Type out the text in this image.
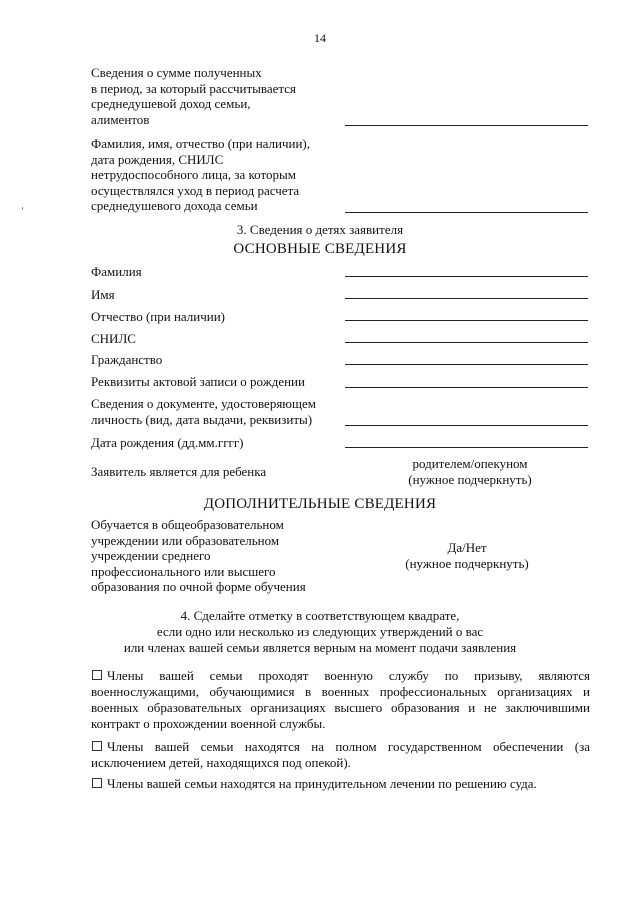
14
Сведения о сумме полученных
в период, за который рассчитывается
среднедушевой доход семьи,
алиментов
Фамилия, имя, отчество (при наличии),
дата рождения, СНИЛС
нетрудоспособного лица, за которым
осуществлялся уход в период расчета
среднедушевого дохода семьи
3. Сведения о детях заявителя
ОСНОВНЫЕ СВЕДЕНИЯ
Фамилия
Имя
Отчество (при наличии)
СНИЛС
Гражданство
Реквизиты актовой записи о рождении
Сведения о документе, удостоверяющем
личность (вид, дата выдачи, реквизиты)
Дата рождения (дд.мм.гггг)
Заявитель является для ребенка
родителем/опекуном
(нужное подчеркнуть)
ДОПОЛНИТЕЛЬНЫЕ СВЕДЕНИЯ
Обучается в общеобразовательном
учреждении или образовательном
учреждении среднего
профессионального или высшего
образования по очной форме обучения
Да/Нет
(нужное подчеркнуть)
4. Сделайте отметку в соответствующем квадрате,
если одно или несколько из следующих утверждений о вас
или членах вашей семьи является верным на момент подачи заявления
Члены вашей семьи проходят военную службу по призыву, являются военнослужащими, обучающимися в военных профессиональных организациях и военных образовательных организациях высшего образования и не заключившими контракт о прохождении военной службы.
Члены вашей семьи находятся на полном государственном обеспечении (за исключением детей, находящихся под опекой).
Члены вашей семьи находятся на принудительном лечении по решению суда.
